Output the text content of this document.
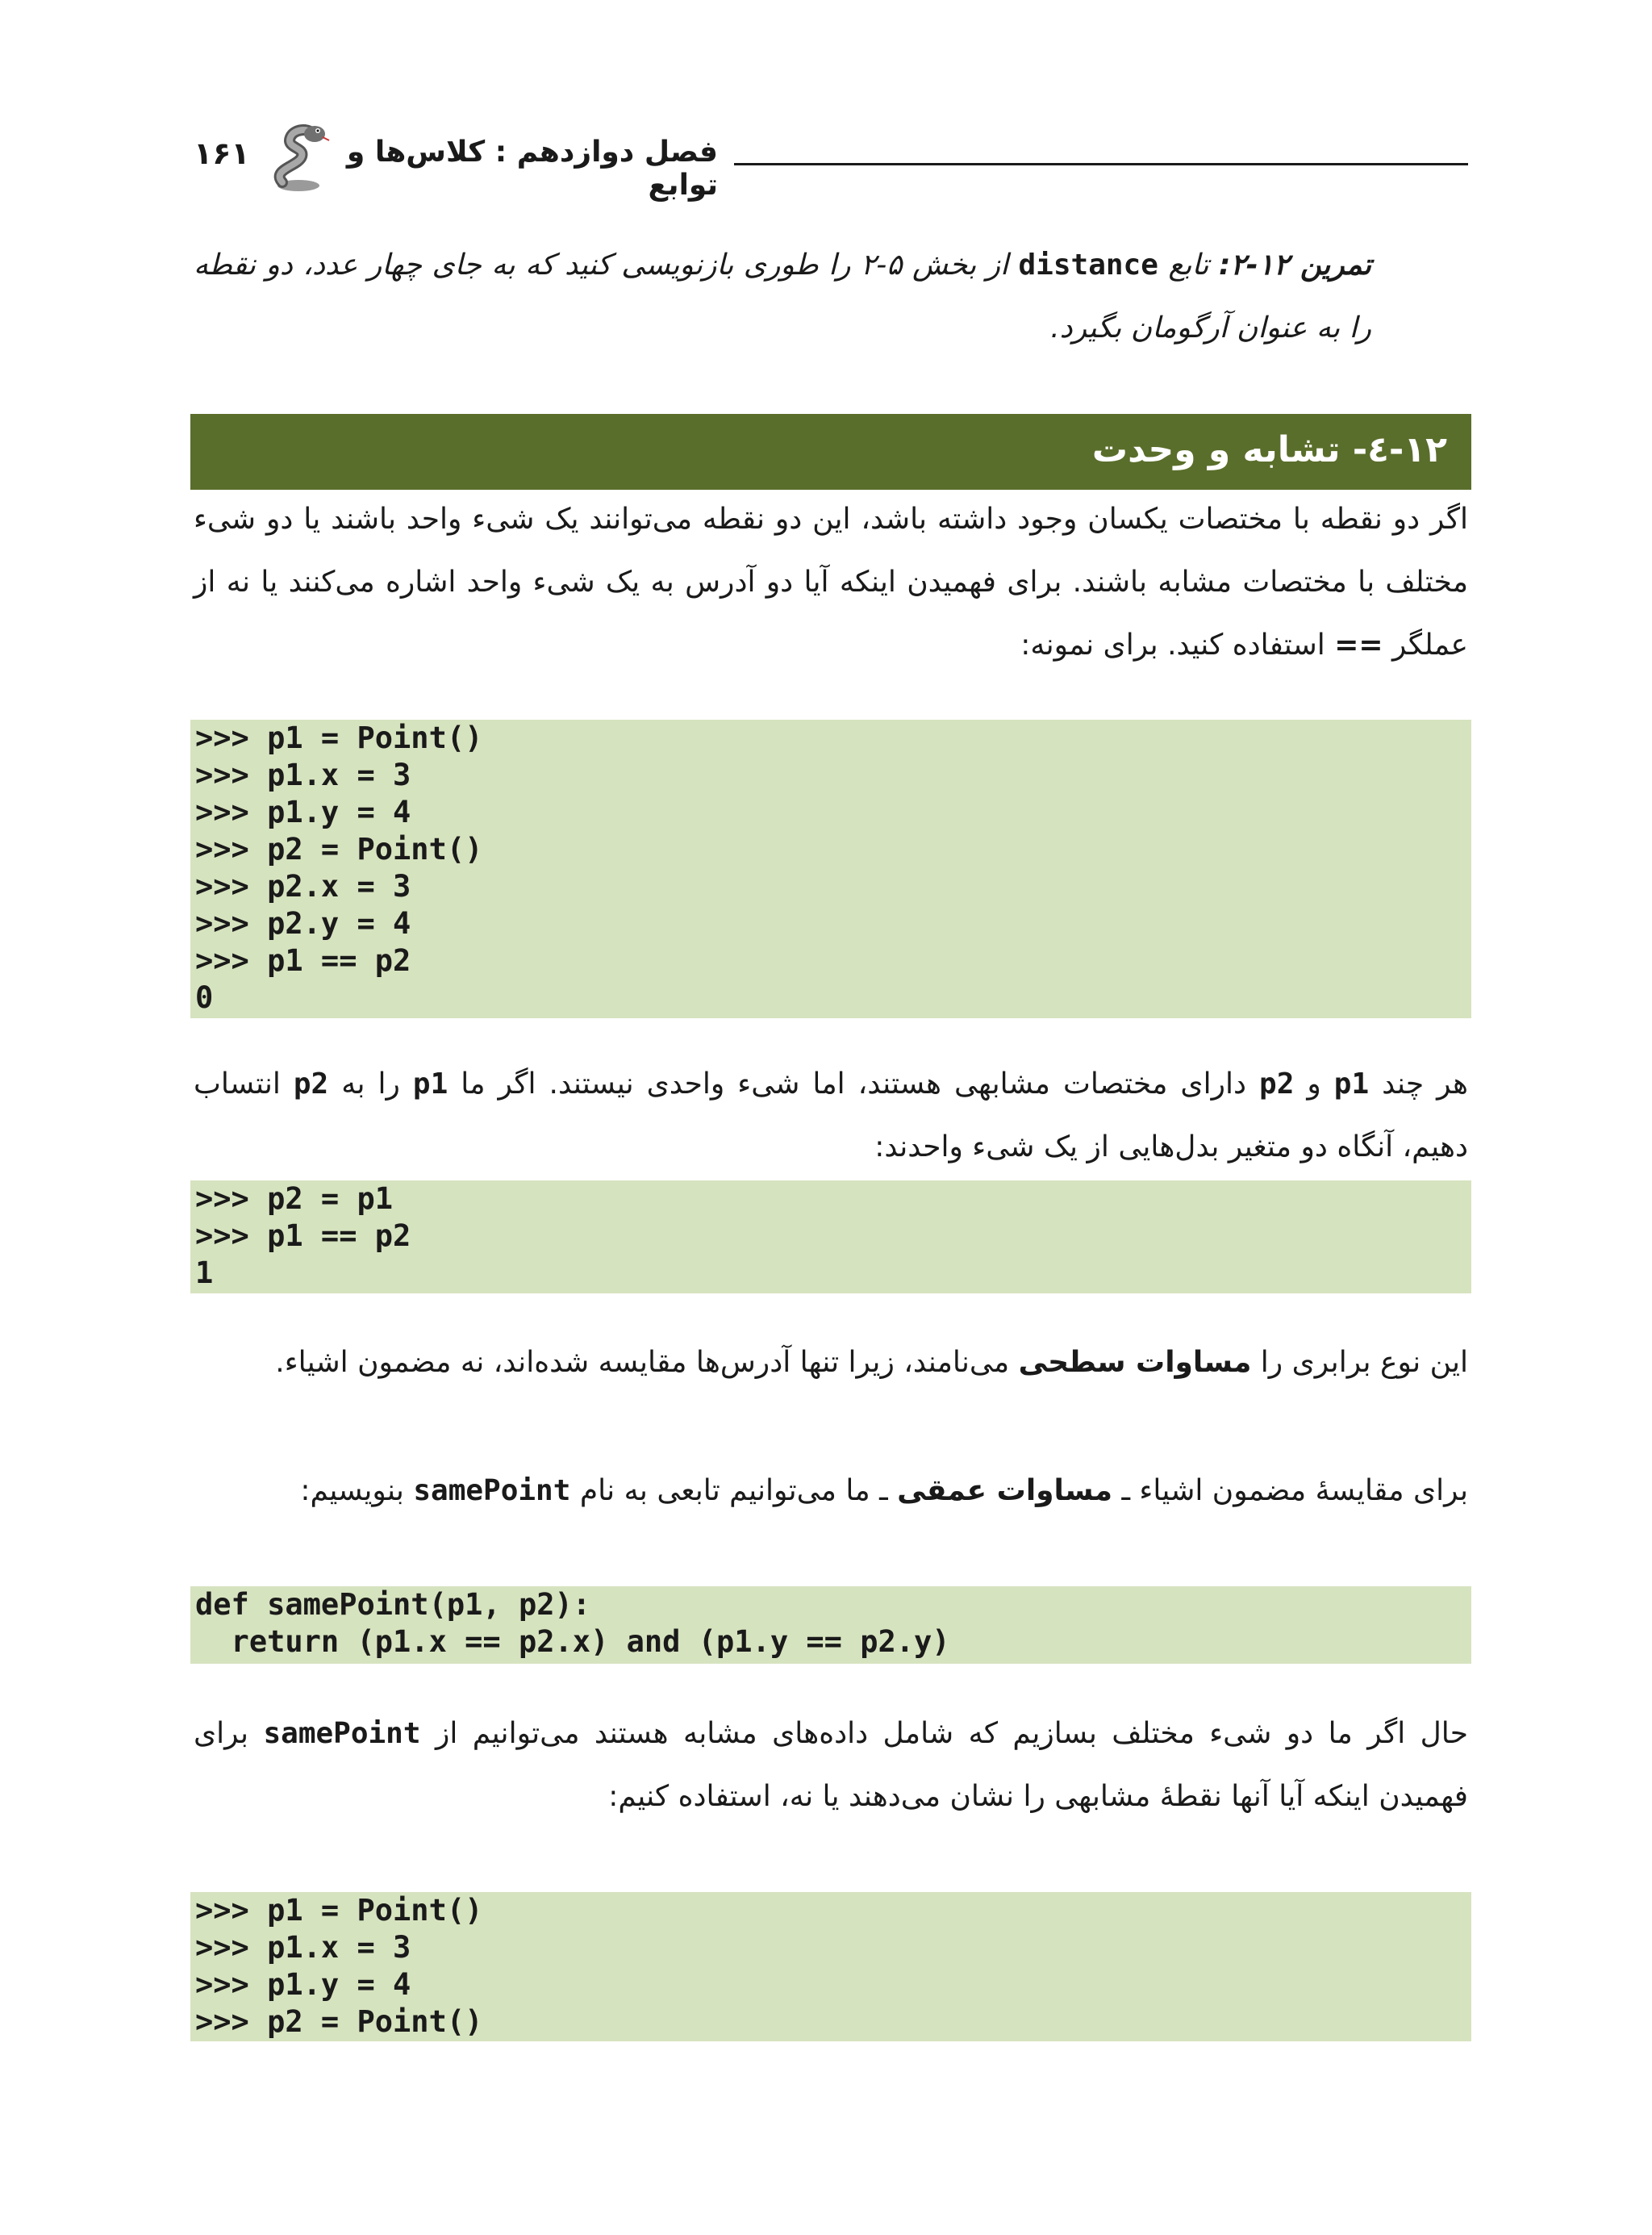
۱۶۱	فصل دوازدهم : کلاس‌ها و توابع
تمرین ۱۲-۲: تابع distance از بخش ۵-۲ را طوری بازنویسی کنید که به جای چهار عدد، دو نقطه را به عنوان آرگومان بگیرد.
۱۲-٤- تشابه و وحدت
اگر دو نقطه با مختصات یکسان وجود داشته باشد، این دو نقطه می‌توانند یک شیء واحد باشند یا دو شیء مختلف با مختصات مشابه باشند. برای فهمیدن اینکه آیا دو آدرس به یک شیء واحد اشاره می‌کنند یا نه از عملگر == استفاده کنید. برای نمونه:
>>> p1 = Point()
>>> p1.x = 3
>>> p1.y = 4
>>> p2 = Point()
>>> p2.x = 3
>>> p2.y = 4
>>> p1 == p2
0
هر چند p1 و p2 دارای مختصات مشابهی هستند، اما شیء واحدی نیستند. اگر ما p1 را به p2 انتساب دهیم، آنگاه دو متغیر بدل‌هایی از یک شیء واحدند:
>>> p2 = p1
>>> p1 == p2
1
این نوع برابری را مساوات سطحی می‌نامند، زیرا تنها آدرس‌ها مقایسه شده‌اند، نه مضمون اشیاء.
برای مقایسهٔ مضمون اشیاء ـ مساوات عمقی ـ ما می‌توانیم تابعی به نام samePoint بنویسیم:
def samePoint(p1, p2):
return (p1.x == p2.x) and (p1.y == p2.y)
حال اگر ما دو شیء مختلف بسازیم که شامل داده‌های مشابه هستند می‌توانیم از samePoint برای فهمیدن اینکه آیا آنها نقطهٔ مشابهی را نشان می‌دهند یا نه، استفاده کنیم:
>>> p1 = Point()
>>> p1.x = 3
>>> p1.y = 4
>>> p2 = Point()
